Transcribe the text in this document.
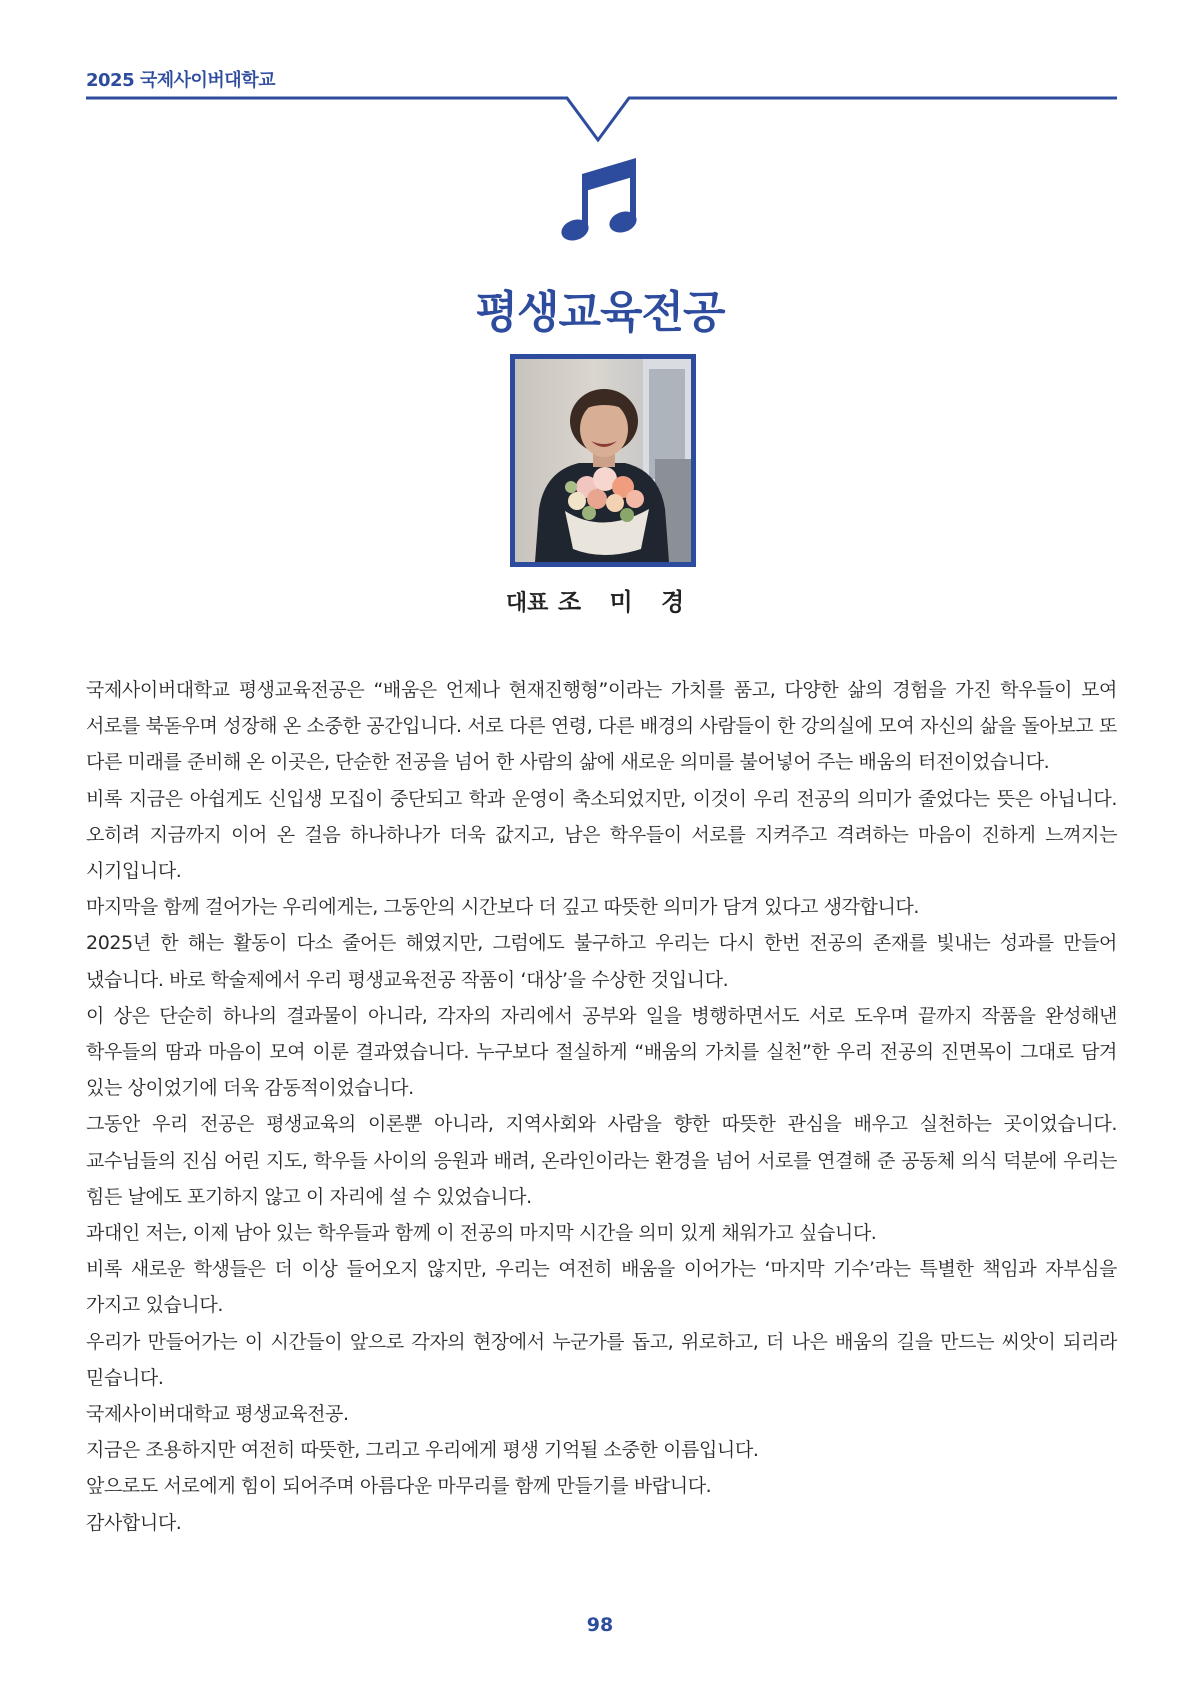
2025 국제사이버대학교
평생교육전공
대표 조 미 경

국제사이버대학교 평생교육전공은 “배움은 언제나 현재진행형”이라는 가치를 품고, 다양한 삶의 경험을 가진 학우들이 모여 서로를 북돋우며 성장해 온 소중한 공간입니다. 서로 다른 연령, 다른 배경의 사람들이 한 강의실에 모여 자신의 삶을 돌아보고 또 다른 미래를 준비해 온 이곳은, 단순한 전공을 넘어 한 사람의 삶에 새로운 의미를 불어넣어 주는 배움의 터전이었습니다.

비록 지금은 아쉽게도 신입생 모집이 중단되고 학과 운영이 축소되었지만, 이것이 우리 전공의 의미가 줄었다는 뜻은 아닙니다. 오히려 지금까지 이어 온 걸음 하나하나가 더욱 값지고, 남은 학우들이 서로를 지켜주고 격려하는 마음이 진하게 느껴지는 시기입니다.

마지막을 함께 걸어가는 우리에게는, 그동안의 시간보다 더 깊고 따뜻한 의미가 담겨 있다고 생각합니다.

2025년 한 해는 활동이 다소 줄어든 해였지만, 그럼에도 불구하고 우리는 다시 한번 전공의 존재를 빛내는 성과를 만들어 냈습니다. 바로 학술제에서 우리 평생교육전공 작품이 ‘대상’을 수상한 것입니다.

이 상은 단순히 하나의 결과물이 아니라, 각자의 자리에서 공부와 일을 병행하면서도 서로 도우며 끝까지 작품을 완성해낸 학우들의 땀과 마음이 모여 이룬 결과였습니다. 누구보다 절실하게 “배움의 가치를 실천”한 우리 전공의 진면목이 그대로 담겨 있는 상이었기에 더욱 감동적이었습니다.

그동안 우리 전공은 평생교육의 이론뿐 아니라, 지역사회와 사람을 향한 따뜻한 관심을 배우고 실천하는 곳이었습니다. 교수님들의 진심 어린 지도, 학우들 사이의 응원과 배려, 온라인이라는 환경을 넘어 서로를 연결해 준 공동체 의식 덕분에 우리는 힘든 날에도 포기하지 않고 이 자리에 설 수 있었습니다.

과대인 저는, 이제 남아 있는 학우들과 함께 이 전공의 마지막 시간을 의미 있게 채워가고 싶습니다.

비록 새로운 학생들은 더 이상 들어오지 않지만, 우리는 여전히 배움을 이어가는 ‘마지막 기수’라는 특별한 책임과 자부심을 가지고 있습니다.

우리가 만들어가는 이 시간들이 앞으로 각자의 현장에서 누군가를 돕고, 위로하고, 더 나은 배움의 길을 만드는 씨앗이 되리라 믿습니다.

국제사이버대학교 평생교육전공.

지금은 조용하지만 여전히 따뜻한, 그리고 우리에게 평생 기억될 소중한 이름입니다.

앞으로도 서로에게 힘이 되어주며 아름다운 마무리를 함께 만들기를 바랍니다.

감사합니다.

98
